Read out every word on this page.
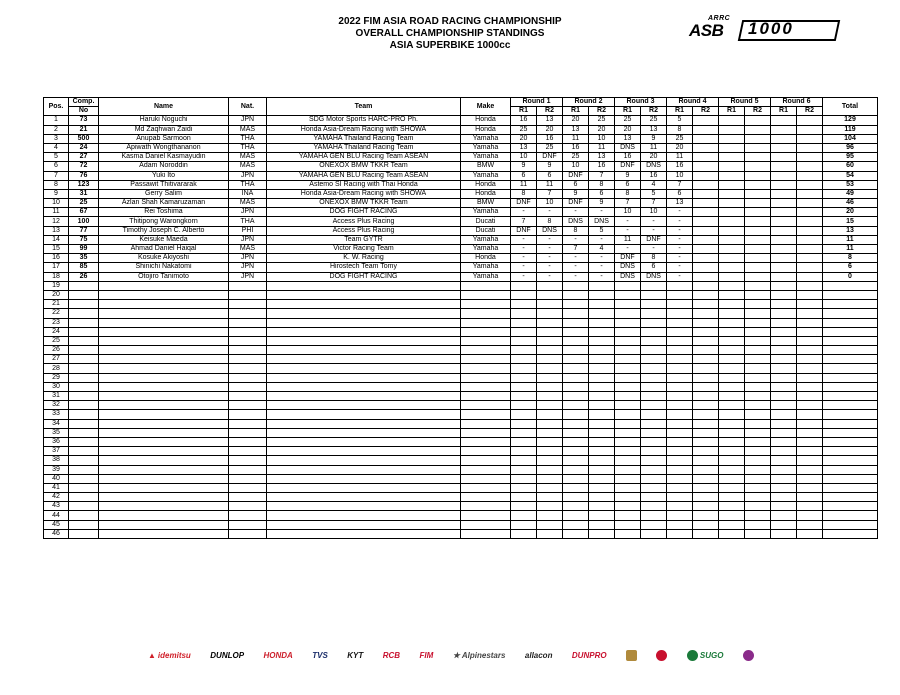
2022 FIM ASIA ROAD RACING CHAMPIONSHIP
OVERALL CHAMPIONSHIP STANDINGS
ASIA SUPERBIKE 1000cc
ARRC
ASB 1000
Pos.	Comp.	Name	Nat.	Team	Make	Round 1		Round 2		Round 3		Round 4		Round 5		Round 6		Total
	No					R1	R2	R1	R2	R1	R2	R1	R2	R1	R2	R1	R2	
1	73	Haruki Noguchi	JPN	SDG Motor Sports HARC-PRO Ph.	Honda	16	13	20	25	25	25	5						129
2	21	Md Zaqhwan Zaidi	MAS	Honda Asia-Dream Racing with SHOWA	Honda	25	20	13	20	20	13	8						119
3	500	Anupab Sarmoon	THA	YAMAHA Thailand Racing Team	Yamaha	20	16	11	10	13	9	25						104
4	24	Apiwath Wongthananon	THA	YAMAHA Thailand Racing Team	Yamaha	13	25	16	11	DNS	11	20						96
5	27	Kasma Daniel Kasmayudin	MAS	YAMAHA GEN BLU Racing Team ASEAN	Yamaha	10	DNF	25	13	16	20	11						95
6	72	Adam Noroddin	MAS	ONEXOX BMW TKKR Team	BMW	9	9	10	16	DNF	DNS	16						60
7	76	Yuki Ito	JPN	YAMAHA GEN BLU Racing Team ASEAN	Yamaha	6	6	DNF	7	9	16	10						54
8	123	Passawit Thitivararak	THA	Astemo SI Racing with Thai Honda	Honda	11	11	6	8	6	4	7						53
9	31	Gerry Salim	INA	Honda Asia-Dream Racing with SHOWA	Honda	8	7	9	6	8	5	6						49
10	25	Azlan Shah Kamaruzaman	MAS	ONEXOX BMW TKKR Team	BMW	DNF	10	DNF	9	7	7	13						46
11	67	Rei Toshima	JPN	DOG FIGHT RACING	Yamaha	-	-	-	-	10	10	-						20
12	100	Thitipong Warongkorn	THA	Access Plus Racing	Ducati	7	8	DNS	DNS	-	-	-						15
13	77	Timothy Joseph C. Alberto	PHI	Access Plus Racing	Ducati	DNF	DNS	8	5	-	-	-						13
14	75	Keisuke Maeda	JPN	Team GYTR	Yamaha	-	-	-	-	11	DNF	-						11
15	99	Ahmad Daniel Haiqal	MAS	Victor Racing Team	Yamaha	-	-	7	4	-	-	-						11
16	35	Kosuke Akiyoshi	JPN	K. W. Racing	Honda	-	-	-	-	DNF	8	-						8
17	85	Shinichi Nakatomi	JPN	Hirostech Team Tomy	Yamaha	-	-	-	-	DNS	6	-						6
18	26	Otojiro Tanimoto	JPN	DOG FIGHT RACING	Yamaha	-	-	-	-	DNS	DNS	-						0
19																		
20																		
21																		
22																		
23																		
24																		
25																		
26																		
27																		
28																		
29																		
30																		
31																		
32																		
33																		
34																		
35																		
36																		
37																		
38																		
39																		
40																		
41																		
42																		
43																		
44																		
45																		
46																		
▲ idemitsu DUNLOP HONDA TVS KYT RCB FIM ★ Alpinestars allacon DUNPRO	SUGO
